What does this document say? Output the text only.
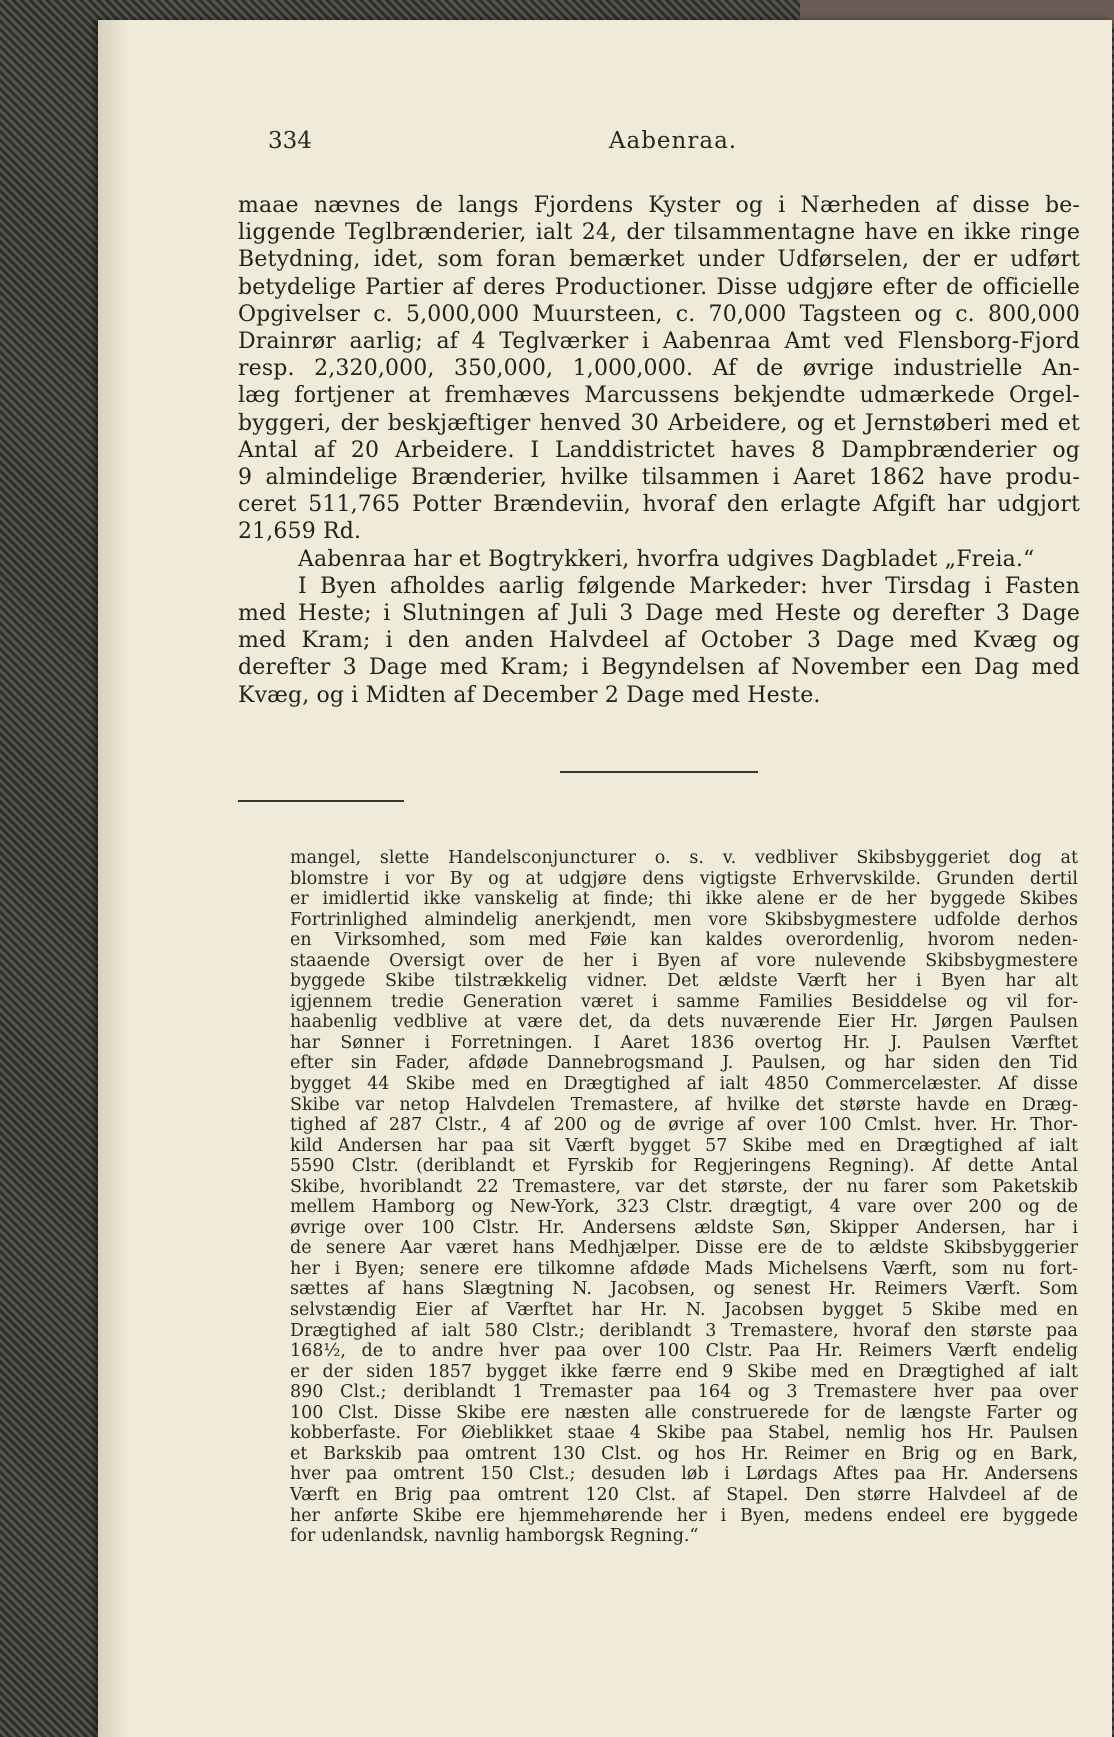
334	Aabenraa.
maae nævnes de langs Fjordens Kyster og i Nærheden af disse be-
liggende Teglbrænderier, ialt 24, der tilsammentagne have en ikke ringe
Betydning, idet, som foran bemærket under Udførselen, der er udført
betydelige Partier af deres Productioner. Disse udgjøre efter de officielle
Opgivelser c. 5,000,000 Muursteen, c. 70,000 Tagsteen og c. 800,000
Drainrør aarlig; af 4 Teglværker i Aabenraa Amt ved Flensborg-Fjord
resp. 2,320,000, 350,000, 1,000,000. Af de øvrige industrielle An-
læg fortjener at fremhæves Marcussens bekjendte udmærkede Orgel-
byggeri, der beskjæftiger henved 30 Arbeidere, og et Jernstøberi med et
Antal af 20 Arbeidere. I Landdistrictet haves 8 Dampbrænderier og
9 almindelige Brænderier, hvilke tilsammen i Aaret 1862 have produ-
ceret 511,765 Potter Brændeviin, hvoraf den erlagte Afgift har udgjort
21,659 Rd.
Aabenraa har et Bogtrykkeri, hvorfra udgives Dagbladet „Freia.“
I Byen afholdes aarlig følgende Markeder: hver Tirsdag i Fasten
med Heste; i Slutningen af Juli 3 Dage med Heste og derefter 3 Dage
med Kram; i den anden Halvdeel af October 3 Dage med Kvæg og
derefter 3 Dage med Kram; i Begyndelsen af November een Dag med
Kvæg, og i Midten af December 2 Dage med Heste.
mangel, slette Handelsconjuncturer o. s. v. vedbliver Skibsbyggeriet dog at
blomstre i vor By og at udgjøre dens vigtigste Erhvervskilde. Grunden dertil
er imidlertid ikke vanskelig at finde; thi ikke alene er de her byggede Skibes
Fortrinlighed almindelig anerkjendt, men vore Skibsbygmestere udfolde derhos
en Virksomhed, som med Føie kan kaldes overordenlig, hvorom neden-
staaende Oversigt over de her i Byen af vore nulevende Skibsbygmestere
byggede Skibe tilstrækkelig vidner. Det ældste Værft her i Byen har alt
igjennem tredie Generation været i samme Families Besiddelse og vil for-
haabenlig vedblive at være det, da dets nuværende Eier Hr. Jørgen Paulsen
har Sønner i Forretningen. I Aaret 1836 overtog Hr. J. Paulsen Værftet
efter sin Fader, afdøde Dannebrogsmand J. Paulsen, og har siden den Tid
bygget 44 Skibe med en Drægtighed af ialt 4850 Commercelæster. Af disse
Skibe var netop Halvdelen Tremastere, af hvilke det største havde en Dræg-
tighed af 287 Clstr., 4 af 200 og de øvrige af over 100 Cmlst. hver. Hr. Thor-
kild Andersen har paa sit Værft bygget 57 Skibe med en Drægtighed af ialt
5590 Clstr. (deriblandt et Fyrskib for Regjeringens Regning). Af dette Antal
Skibe, hvoriblandt 22 Tremastere, var det største, der nu farer som Paketskib
mellem Hamborg og New-York, 323 Clstr. drægtigt, 4 vare over 200 og de
øvrige over 100 Clstr. Hr. Andersens ældste Søn, Skipper Andersen, har i
de senere Aar været hans Medhjælper. Disse ere de to ældste Skibsbyggerier
her i Byen; senere ere tilkomne afdøde Mads Michelsens Værft, som nu fort-
sættes af hans Slægtning N. Jacobsen, og senest Hr. Reimers Værft. Som
selvstændig Eier af Værftet har Hr. N. Jacobsen bygget 5 Skibe med en
Drægtighed af ialt 580 Clstr.; deriblandt 3 Tremastere, hvoraf den største paa
168½, de to andre hver paa over 100 Clstr. Paa Hr. Reimers Værft endelig
er der siden 1857 bygget ikke færre end 9 Skibe med en Drægtighed af ialt
890 Clst.; deriblandt 1 Tremaster paa 164 og 3 Tremastere hver paa over
100 Clst. Disse Skibe ere næsten alle construerede for de længste Farter og
kobberfaste. For Øieblikket staae 4 Skibe paa Stabel, nemlig hos Hr. Paulsen
et Barkskib paa omtrent 130 Clst. og hos Hr. Reimer en Brig og en Bark,
hver paa omtrent 150 Clst.; desuden løb i Lørdags Aftes paa Hr. Andersens
Værft en Brig paa omtrent 120 Clst. af Stapel. Den større Halvdeel af de
her anførte Skibe ere hjemmehørende her i Byen, medens endeel ere byggede
for udenlandsk, navnlig hamborgsk Regning.“
